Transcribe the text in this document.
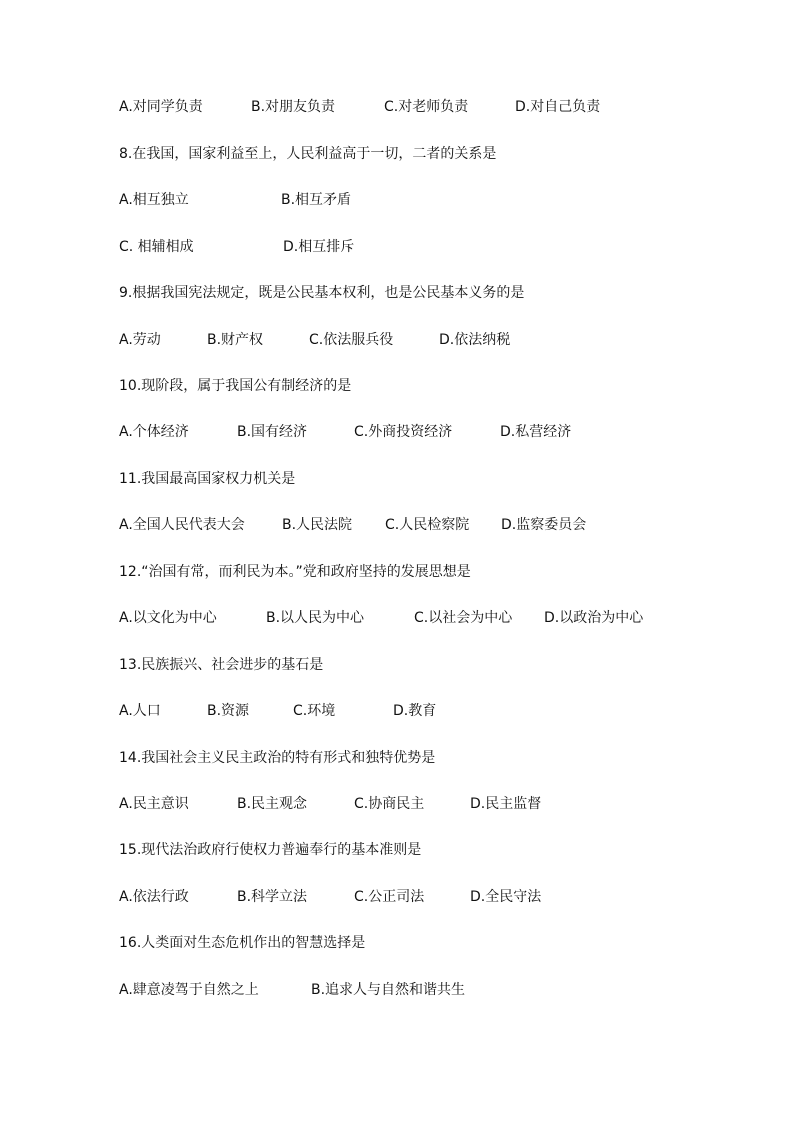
A.对同学负责	B.对朋友负责	C.对老师负责	D.对自己负责
8.在我国，国家利益至上，人民利益高于一切，二者的关系是
A.相互独立	B.相互矛盾
C. 相辅相成	D.相互排斥
9.根据我国宪法规定，既是公民基本权利，也是公民基本义务的是
A.劳动	B.财产权	C.依法服兵役	D.依法纳税
10.现阶段，属于我国公有制经济的是
A.个体经济	B.国有经济	C.外商投资经济	D.私营经济
11.我国最高国家权力机关是
A.全国人民代表大会	B.人民法院 C.人民检察院 D.监察委员会
12.“治国有常，而利民为本。”党和政府坚持的发展思想是
A.以文化为中心	B.以人民为中心	C.以社会为中心 D.以政治为中心
13.民族振兴、社会进步的基石是
A.人口	B.资源	C.环境	D.教育
14.我国社会主义民主政治的特有形式和独特优势是
A.民主意识	B.民主观念	C.协商民主	D.民主监督
15.现代法治政府行使权力普遍奉行的基本准则是
A.依法行政	B.科学立法	C.公正司法	D.全民守法
16.人类面对生态危机作出的智慧选择是
A.肆意凌驾于自然之上	B.追求人与自然和谐共生
